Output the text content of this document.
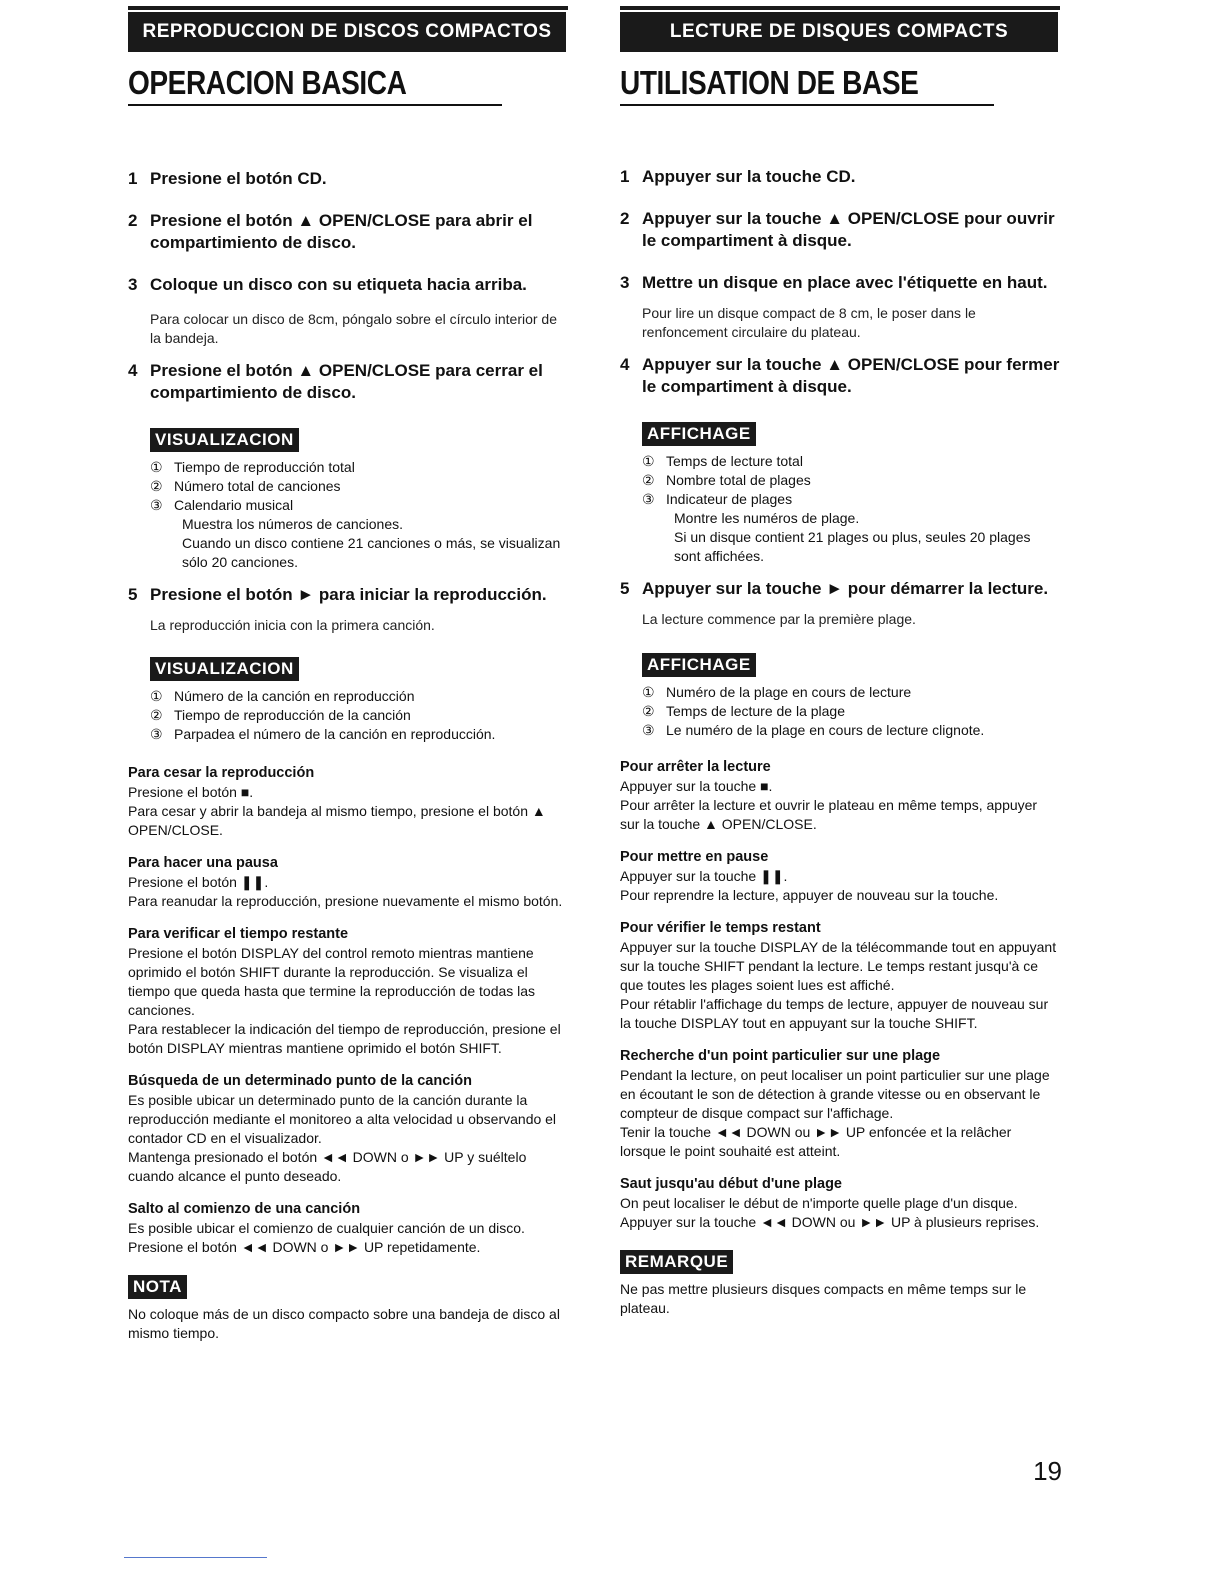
REPRODUCCION DE DISCOS COMPACTOS
OPERACION BASICA
1 Presione el botón CD.
2 Presione el botón ▲ OPEN/CLOSE para abrir el compartimiento de disco.
3 Coloque un disco con su etiqueta hacia arriba.
Para colocar un disco de 8cm, póngalo sobre el círculo interior de la bandeja.
4 Presione el botón ▲ OPEN/CLOSE para cerrar el compartimiento de disco.
VISUALIZACION
① Tiempo de reproducción total
② Número total de canciones
③ Calendario musical
Muestra los números de canciones.
Cuando un disco contiene 21 canciones o más, se visualizan sólo 20 canciones.
5 Presione el botón ► para iniciar la reproducción.
La reproducción inicia con la primera canción.
VISUALIZACION
① Número de la canción en reproducción
② Tiempo de reproducción de la canción
③ Parpadea el número de la canción en reproducción.
Para cesar la reproducción

Presione el botón ■.

Para cesar y abrir la bandeja al mismo tiempo, presione el botón ▲ OPEN/CLOSE.

Para hacer una pausa

Presione el botón ❚❚.

Para reanudar la reproducción, presione nuevamente el mismo botón.

Para verificar el tiempo restante

Presione el botón DISPLAY del control remoto mientras mantiene oprimido el botón SHIFT durante la reproducción. Se visualiza el tiempo que queda hasta que termine la reproducción de todas las canciones.

Para restablecer la indicación del tiempo de reproducción, presione el botón DISPLAY mientras mantiene oprimido el botón SHIFT.

Búsqueda de un determinado punto de la canción

Es posible ubicar un determinado punto de la canción durante la reproducción mediante el monitoreo a alta velocidad u observando el contador CD en el visualizador.

Mantenga presionado el botón ◄◄ DOWN o ►► UP y suéltelo cuando alcance el punto deseado.

Salto al comienzo de una canción

Es posible ubicar el comienzo de cualquier canción de un disco. Presione el botón ◄◄ DOWN o ►► UP repetidamente.

NOTA

No coloque más de un disco compacto sobre una bandeja de disco al mismo tiempo.

LECTURE DE DISQUES COMPACTS
UTILISATION DE BASE
1 Appuyer sur la touche CD.
2 Appuyer sur la touche ▲ OPEN/CLOSE pour ouvrir le compartiment à disque.
3 Mettre un disque en place avec l'étiquette en haut.
Pour lire un disque compact de 8 cm, le poser dans le renfoncement circulaire du plateau.
4 Appuyer sur la touche ▲ OPEN/CLOSE pour fermer le compartiment à disque.
AFFICHAGE
① Temps de lecture total
② Nombre total de plages
③ Indicateur de plages
Montre les numéros de plage.
Si un disque contient 21 plages ou plus, seules 20 plages sont affichées.
5 Appuyer sur la touche ► pour démarrer la lecture.
La lecture commence par la première plage.
AFFICHAGE
① Numéro de la plage en cours de lecture
② Temps de lecture de la plage
③ Le numéro de la plage en cours de lecture clignote.
Pour arrêter la lecture

Appuyer sur la touche ■.

Pour arrêter la lecture et ouvrir le plateau en même temps, appuyer sur la touche ▲ OPEN/CLOSE.

Pour mettre en pause

Appuyer sur la touche ❚❚.

Pour reprendre la lecture, appuyer de nouveau sur la touche.

Pour vérifier le temps restant

Appuyer sur la touche DISPLAY de la télécommande tout en appuyant sur la touche SHIFT pendant la lecture. Le temps restant jusqu'à ce que toutes les plages soient lues est affiché.

Pour rétablir l'affichage du temps de lecture, appuyer de nouveau sur la touche DISPLAY tout en appuyant sur la touche SHIFT.

Recherche d'un point particulier sur une plage

Pendant la lecture, on peut localiser un point particulier sur une plage en écoutant le son de détection à grande vitesse ou en observant le compteur de disque compact sur l'affichage.

Tenir la touche ◄◄ DOWN ou ►► UP enfoncée et la relâcher lorsque le point souhaité est atteint.

Saut jusqu'au début d'une plage

On peut localiser le début de n'importe quelle plage d'un disque. Appuyer sur la touche ◄◄ DOWN ou ►► UP à plusieurs reprises.

REMARQUE

Ne pas mettre plusieurs disques compacts en même temps sur le plateau.

19
